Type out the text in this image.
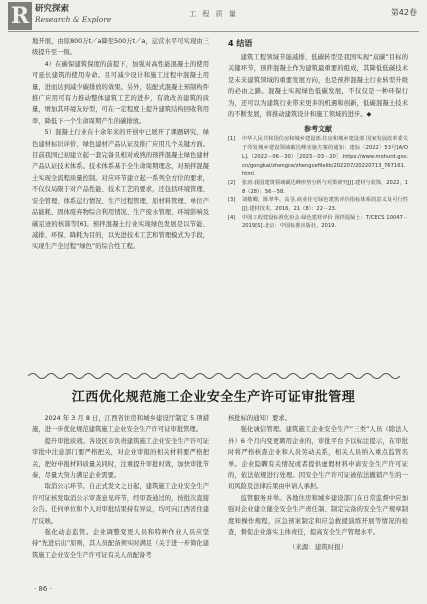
R 研究探索
Research & Explore
工 程 质 量	第42卷

地开展，由原800万t／a降至500万t／a，运营水平可实现由三级提升至一级。

4）在碳保建筑保度的前提下，加强对高性能混凝土的使用可延长建筑的使用寿命。且可减少设计和施工过程中混凝土用量，进而达到减少碳排放的效果。另外，装配式混凝土预制构件推广应用可有力推动整体建筑工艺的进步，有效改善建筑的质量，增加其环境友好型，可在一定程度上提升建筑结构回收利用率，降低下一个生命周期产生的碳排放。

5）混凝土行业在十余年来的开创中已展开了课题研究、绿色建材标识评价、绿色建材产品认证及推广应用几个关键方面。目前我国已初建立起一套完备且相对成熟的预拌混凝土绿色建材产品认证技术体系。技术体系基于全生命周期理念，对预拌混凝土实现全流程质量控制。对应环节建立起一系列全方位的要求，不仅仅局限于对产品性能、技术工艺的要求，还包括环境管理、安全管理、体系运行情况、生产过程管理、原材料管理、单位产品能耗、固体废弃物综合利用情况、生产废水管理、环境影响及碳足迹的核算等[6]。预拌混凝土行业实现绿色发展是以节能、减排、环保、降耗为目的，以先进技术工艺和管理模式为手段，实现生产全过程“绿色”的综合性工程。

4 结语

建筑工程领域节能减排、低碳转型是我国实现“双碳”目标的关键环节，预拌混凝土作为建筑最重要的组成，其降低低碳技术是未来建筑领域的重要发展方向，也是预拌混凝土行业转型升级的必由之路。混凝土实现绿色低碳发展，不仅仅是一种环保行为，还可以为建筑行业带来更多的机遇和创新，低碳混凝土技术的不断发展，将推动建筑设计和施工领域的进步。◆

参考文献
[1]	中华人民共和国住房和城乡建设部.住房和城乡建设部 国家发展改革委关于印发城乡建设领域碳达峰实施方案的通知：建标〔2022〕53号[A/OL].（2022－06－30）［2023－03－20］.https://www.mohurd.gov.cn/gongkai/zhengce/zhengcefilelib/202207/20220713_767161.html.
[2]	张涛.我国建筑领域碳达峰形势分析与对策研究[J].建材与装饰，2022，18（28）：56－58.
[3]	刘敬卿，陈翠华，高茎.商业住宅绿色建筑评价指标体系的意义及可行性[J].建材技术，2016，21（8）：22－23.
[4]	中国工程建设标准化协会.绿色建材评价 预拌混凝土：T/CECS 10047－2019[S].北京：中国标准出版社，2019.
江西优化规范施工企业安全生产许可证审批管理

2024 年 3 月 8 日，江西省住房和城乡建设厅制定 5 项措施，进一步优化规范建筑施工企业安全生产许可证审批管理。

提升审批质效。各设区市负责建筑施工企业安全生产许可证审批中注意部门要严格把关，对企业审报的相关材料要严格把关，把好申报材料质量关同时，注重提升审批时效，加快审批节奏，尽量大努力满足企业需要。

取消公示环节。自正式发文之日起，建筑施工企业安全生产许可证核发取消公示审查意见环节，经审查通过的，按批次直接公告。任何单位和个人对审批结果持有异议，均可向江西省住建厅反映。

强化动态监管。企业调整变更人员和特种作业人员应坚持“先进后出”原则，其人员配备须实时满足（关于进一步简化建筑施工企业安全生产许可证有关人员配备考

核批标的通知）要求。

强化诚信管理。建筑施工企业安全生产“三类”人员（除法人外）6 个月内变更聘用企业的，审批平台予以标注提示，在审批时将严格核查企业和人员劳动关系，相关人员纳入重点监管名单。企业隐瞒有关情况或者提供虚假材料申请安全生产许可证的，依法依规进行处理。因安全生产许可证被依法撤销产生的一切风险及法律后果由申请人承担。

监管服务并举。各地住房和城乡建设部门在日常监督中应加强对企业建立健全安全生产责任制、制定完备的安全生产规章制度和操作规程，应急预案制定和应急救援演练开展等情况的检查，督促企业落实主体责任，提高安全生产管理水平。

（来源：建筑时报）
· 86 ·
